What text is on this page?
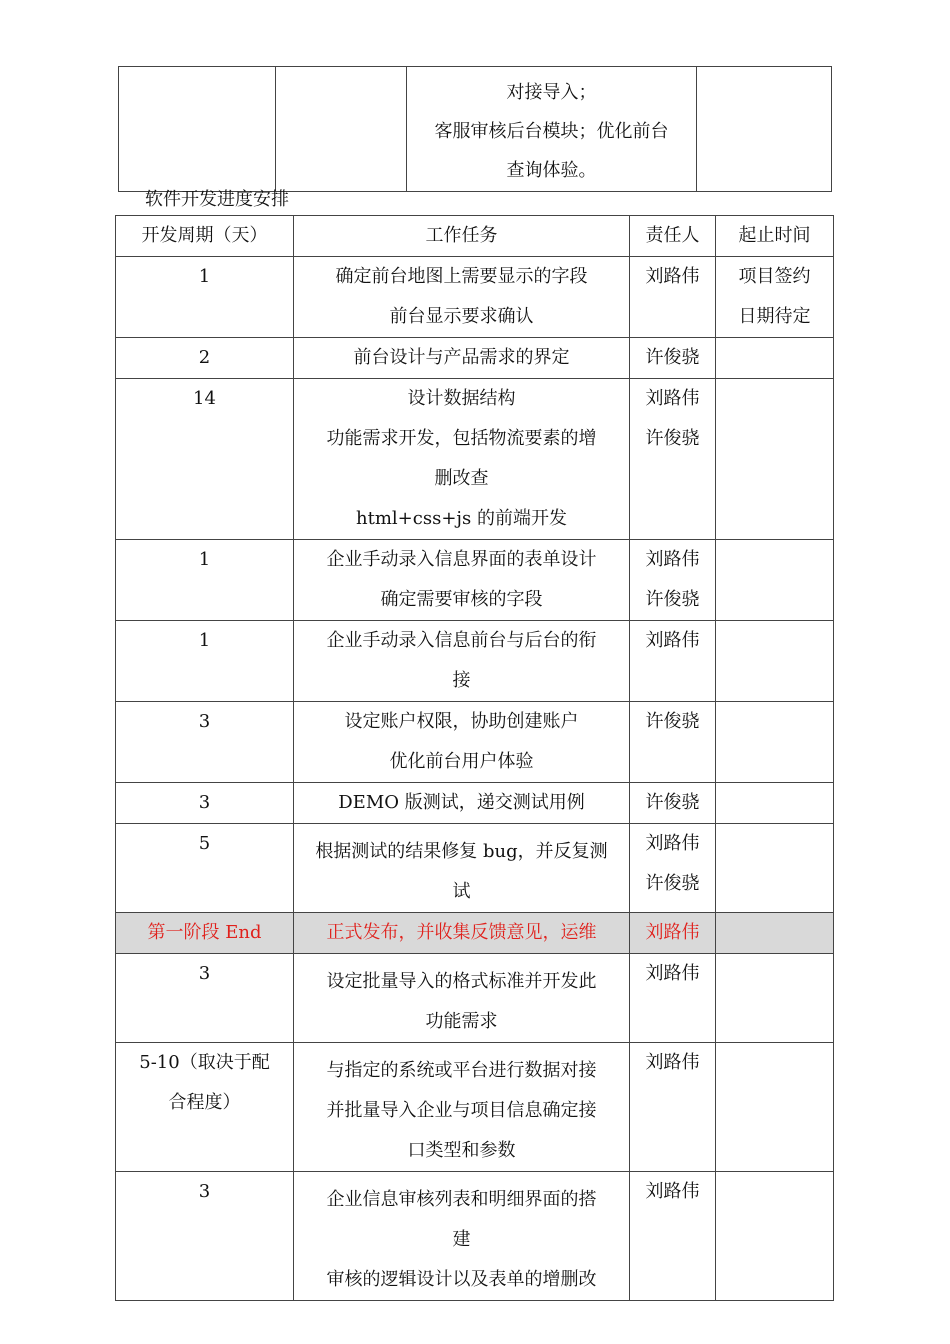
对接导入；
客服审核后台模块；优化前台
查询体验。

软件开发进度安排
开发周期（天）	工作任务	责任人	起止时间

1	确定前台地图上需要显示的字段
前台显示要求确认	刘路伟	项目签约
日期待定

2	前台设计与产品需求的界定	许俊骁	

14	设计数据结构
功能需求开发，包括物流要素的增
删改查
html+css+js 的前端开发	刘路伟
许俊骁	

1	企业手动录入信息界面的表单设计
确定需要审核的字段	刘路伟
许俊骁	

1	企业手动录入信息前台与后台的衔
接	刘路伟	

3	设定账户权限，协助创建账户
优化前台用户体验	许俊骁	

3	DEMO 版测试，递交测试用例	许俊骁	

5	根据测试的结果修复 bug，并反复测
试	刘路伟
许俊骁	

第一阶段 End	正式发布，并收集反馈意见，运维	刘路伟	

3	设定批量导入的格式标准并开发此
功能需求	刘路伟	

5-10（取决于配
合程度）	与指定的系统或平台进行数据对接
并批量导入企业与项目信息确定接
口类型和参数	刘路伟	

3	企业信息审核列表和明细界面的搭
建
审核的逻辑设计以及表单的增删改	刘路伟	
